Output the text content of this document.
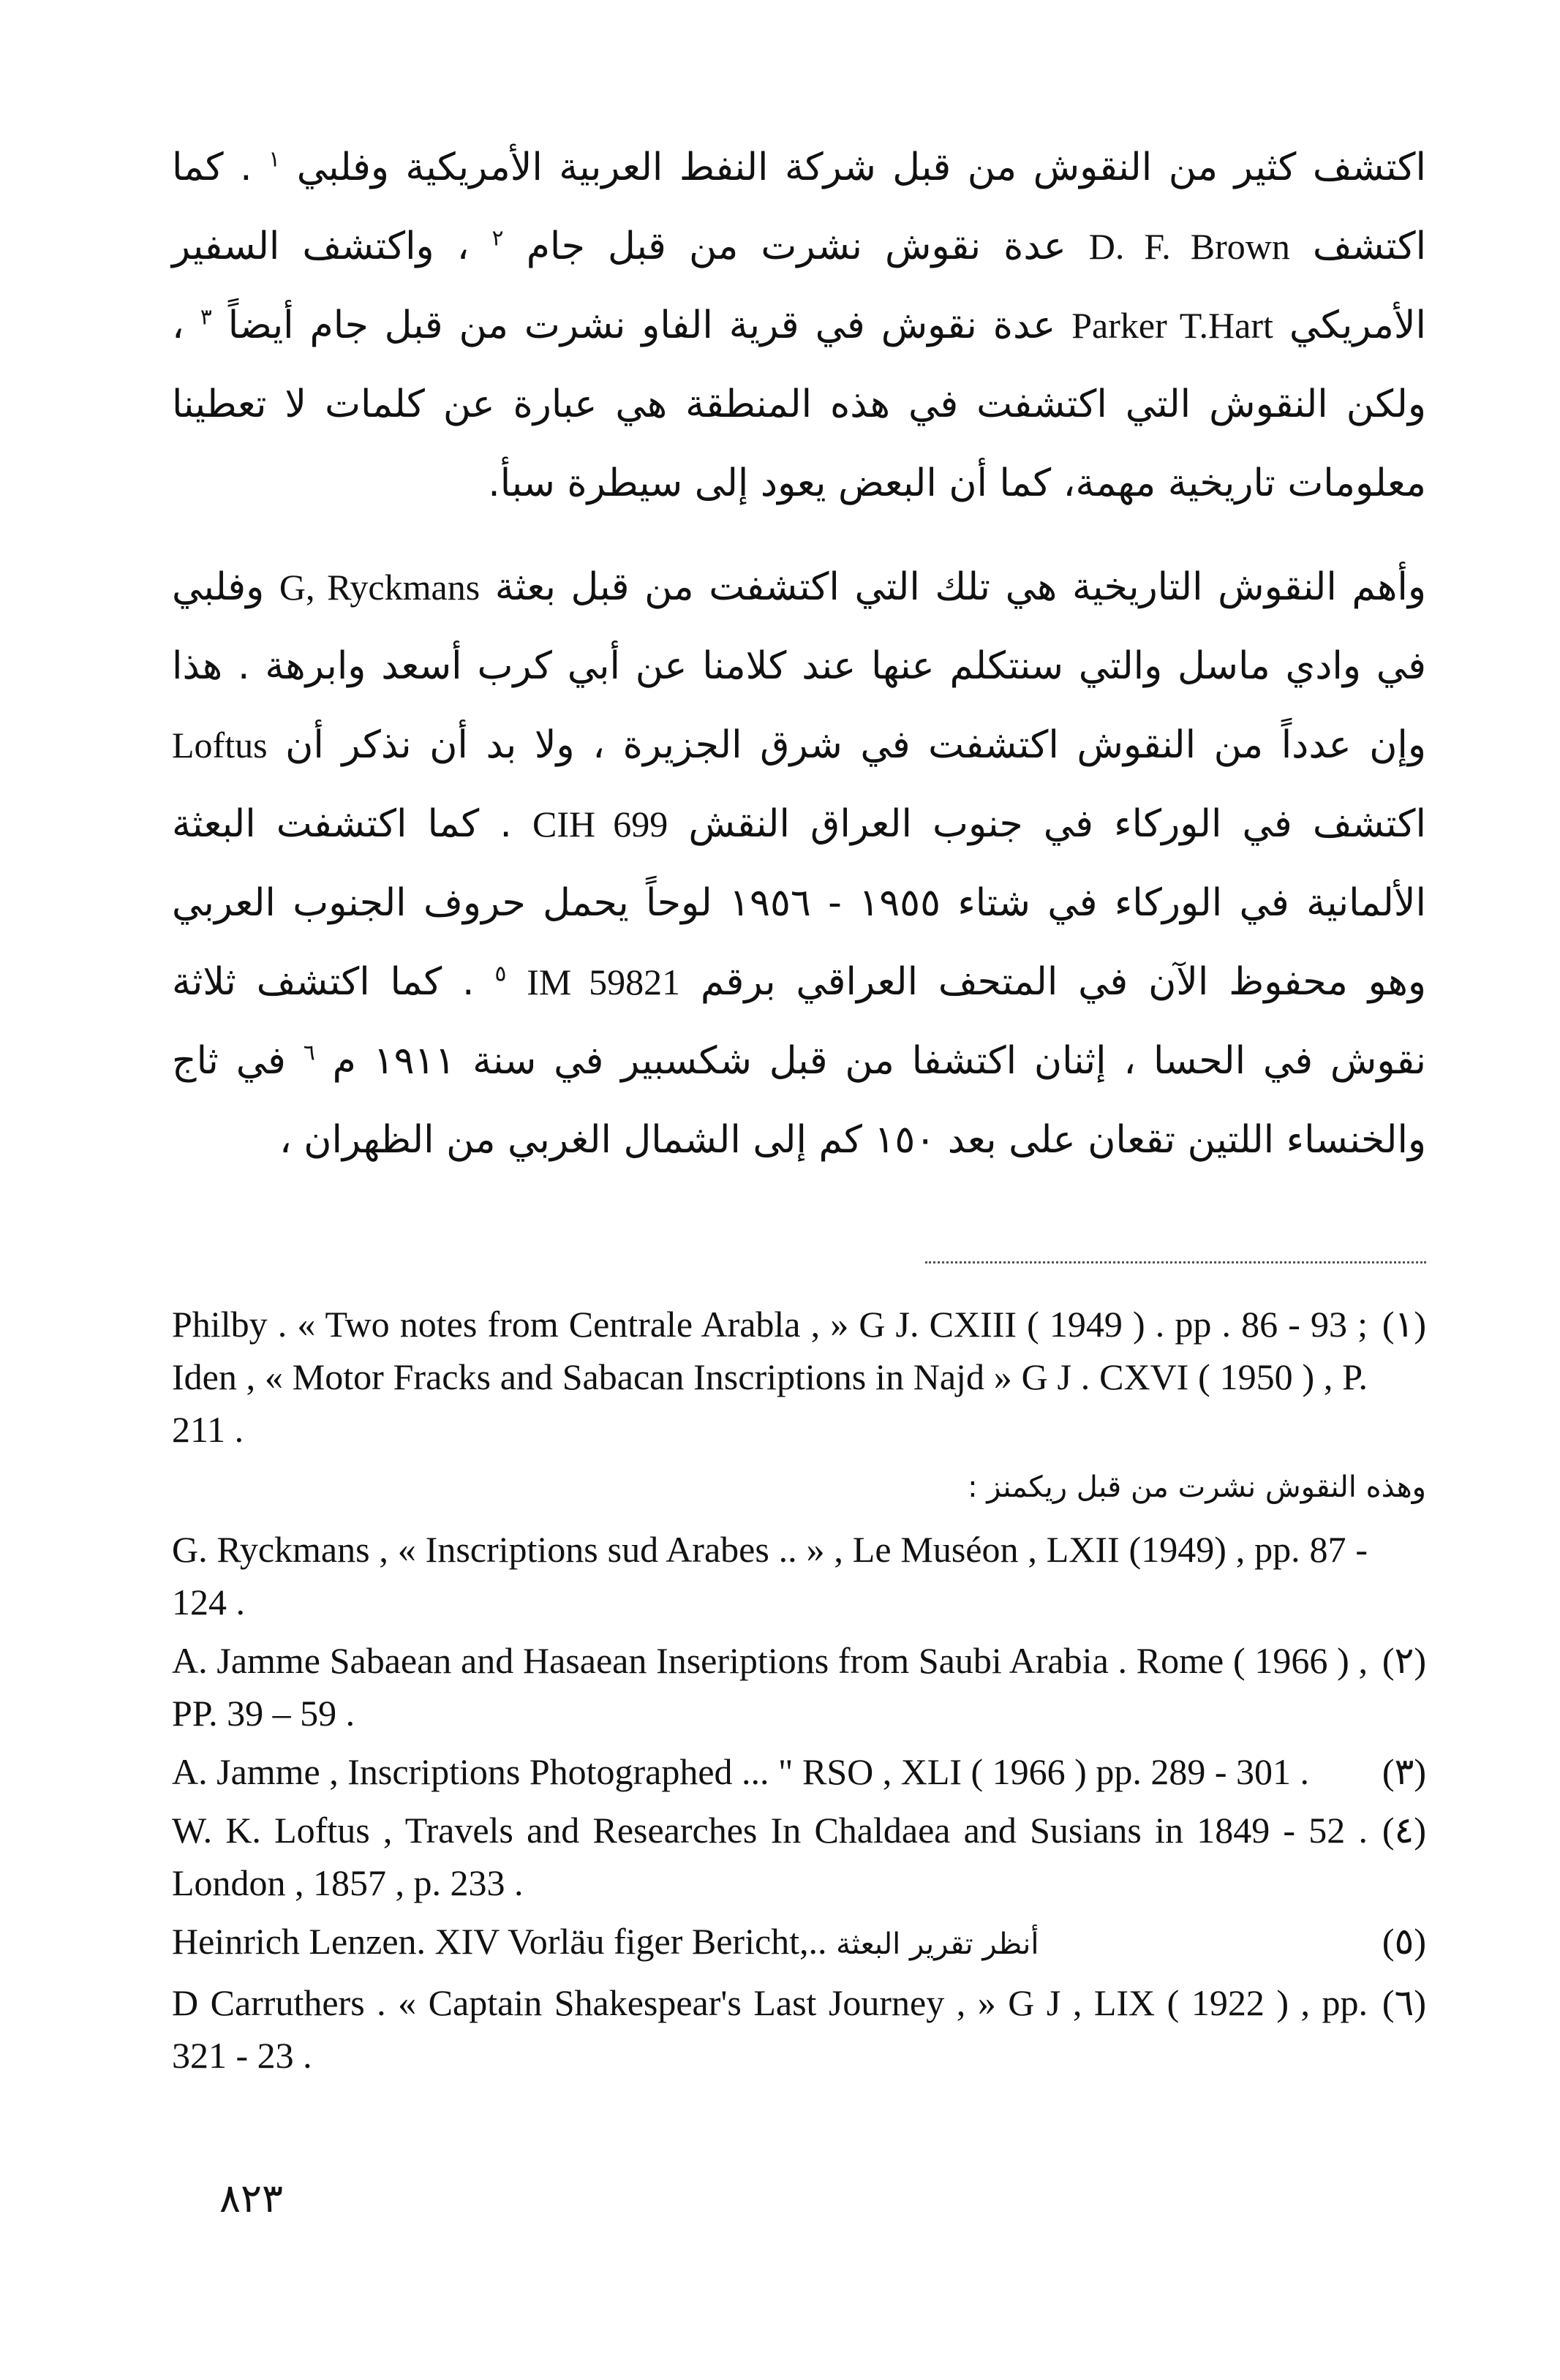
اكتشف كثير من النقوش من قبل شركة النفط العربية الأمريكية وفلبي $^١$ . كما اكتشف D. F. Brown عدة نقوش نشرت من قبل جام $^٢$ ، واكتشف السفير الأمريكي Parker T.Hart عدة نقوش في قرية الفاو نشرت من قبل جام أيضاً $^٣$ ، ولكن النقوش التي اكتشفت في هذه المنطقة هي عبارة عن كلمات لا تعطينا معلومات تاريخية مهمة، كما أن البعض يعود إلى سيطرة سبأ.

وأهم النقوش التاريخية هي تلك التي اكتشفت من قبل بعثة G, Ryckmans وفلبي في وادي ماسل والتي سنتكلم عنها عند كلامنا عن أبي كرب أسعد وابرهة . هذا وإن عدداً من النقوش اكتشفت في شرق الجزيرة ، ولا بد أن نذكر أن Loftus اكتشف في الوركاء في جنوب العراق النقش CIH 699 . كما اكتشفت البعثة الألمانية في الوركاء في شتاء ١٩٥٥ - ١٩٥٦ لوحاً يحمل حروف الجنوب العربي وهو محفوظ الآن في المتحف العراقي برقم IM 59821 $^٥$ . كما اكتشف ثلاثة نقوش في الحسا ، إثنان اكتشفا من قبل شكسبير في سنة ١٩١١ م $^٦$ في ثاج والخنساء اللتين تقعان على بعد ١٥٠ كم إلى الشمال الغربي من الظهران ،

Philby . « Two notes from Centrale Arabla , » G J. CXIII ( 1949 ) . pp . 86 - 93 ; Iden , « Motor Fracks and Sabacan Inscriptions in Najd » G J . CXVI ( 1950 ) , P. 211 .
(١)
وهذه النقوش نشرت من قبل ريكمنز :
G. Ryckmans , « Inscriptions sud Arabes .. » , Le Muséon , LXII (1949) , pp. 87 - 124 .
A. Jamme Sabaean and Hasaean Inseriptions from Saubi Arabia . Rome ( 1966 ) , PP. 39 – 59 .
(٢)
A. Jamme , Inscriptions Photographed ... " RSO , XLI ( 1966 ) pp. 289 - 301 .	(٣)
W. K. Loftus , Travels and Researches In Chaldaea and Susians in 1849 - 52 . London , 1857 , p. 233 .
(٤)
Heinrich Lenzen. XIV Vorläu figer Bericht,.. أنظر تقرير البعثة	(٥)
D Carruthers . « Captain Shakespear's Last Journey , » G J , LIX ( 1922 ) , pp. 321 - 23 .
(٦)
٨٢٣
